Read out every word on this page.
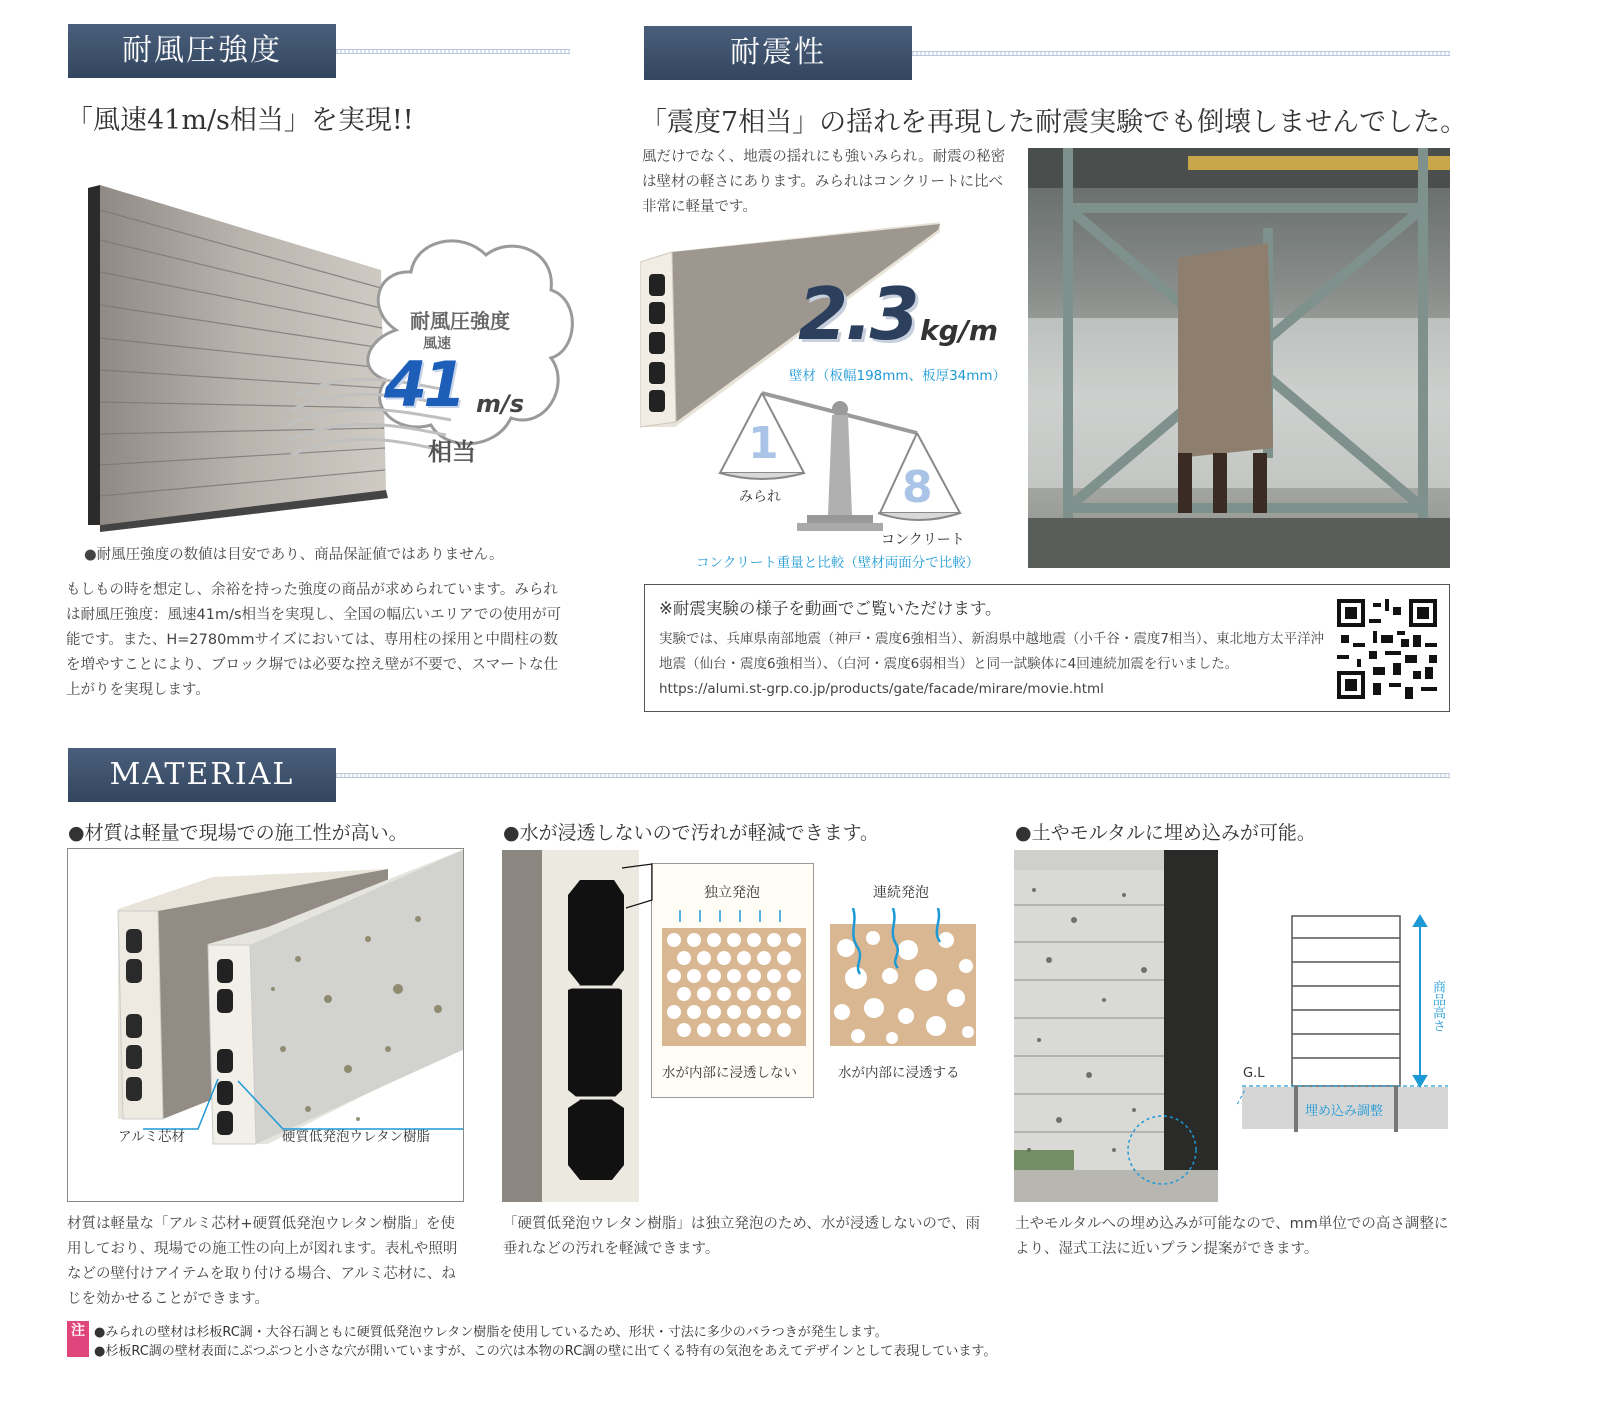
耐風圧強度
「風速41m/s相当」を実現!!
耐風圧強度
風速
41 m/s
相当
●耐風圧強度の数値は目安であり、商品保証値ではありません。
もしもの時を想定し、余裕を持った強度の商品が求められています。みられは耐風圧強度：風速41m/s相当を実現し、全国の幅広いエリアでの使用が可能です。また、H=2780mmサイズにおいては、専用柱の採用と中間柱の数を増やすことにより、ブロック塀では必要な控え壁が不要で、スマートな仕上がりを実現します。
耐震性
「震度7相当」の揺れを再現した耐震実験でも倒壊しませんでした。
風だけでなく、地震の揺れにも強いみられ。耐震の秘密は壁材の軽さにあります。みられはコンクリートに比べ非常に軽量です。
2.3 kg/m
壁材（板幅198mm、板厚34mm）
1
みられ	8
コンクリート
コンクリート重量と比較（壁材両面分で比較）
※耐震実験の様子を動画でご覧いただけます。
実験では、兵庫県南部地震（神戸・震度6強相当）、新潟県中越地震（小千谷・震度7相当）、東北地方太平洋沖地震（仙台・震度6強相当）、（白河・震度6弱相当）と同一試験体に4回連続加震を行いました。
https://alumi.st-grp.co.jp/products/gate/facade/mirare/movie.html
MATERIAL
●材質は軽量で現場での施工性が高い。
アルミ芯材	硬質低発泡ウレタン樹脂
材質は軽量な「アルミ芯材+硬質低発泡ウレタン樹脂」を使用しており、現場での施工性の向上が図れます。表札や照明などの壁付けアイテムを取り付ける場合、アルミ芯材に、ねじを効かせることができます。
●水が浸透しないので汚れが軽減できます。
独立発泡
水が内部に浸透しない
連続発泡
水が内部に浸透する
「硬質低発泡ウレタン樹脂」は独立発泡のため、水が浸透しないので、雨垂れなどの汚れを軽減できます。
●土やモルタルに埋め込みが可能。
G.L
商品高さ
埋め込み調整
土やモルタルへの埋め込みが可能なので、mm単位での高さ調整により、湿式工法に近いプラン提案ができます。
注 ●みられの壁材は杉板RC調・大谷石調ともに硬質低発泡ウレタン樹脂を使用しているため、形状・寸法に多少のバラつきが発生します。
●杉板RC調の壁材表面にぷつぷつと小さな穴が開いていますが、この穴は本物のRC調の壁に出てくる特有の気泡をあえてデザインとして表現しています。
